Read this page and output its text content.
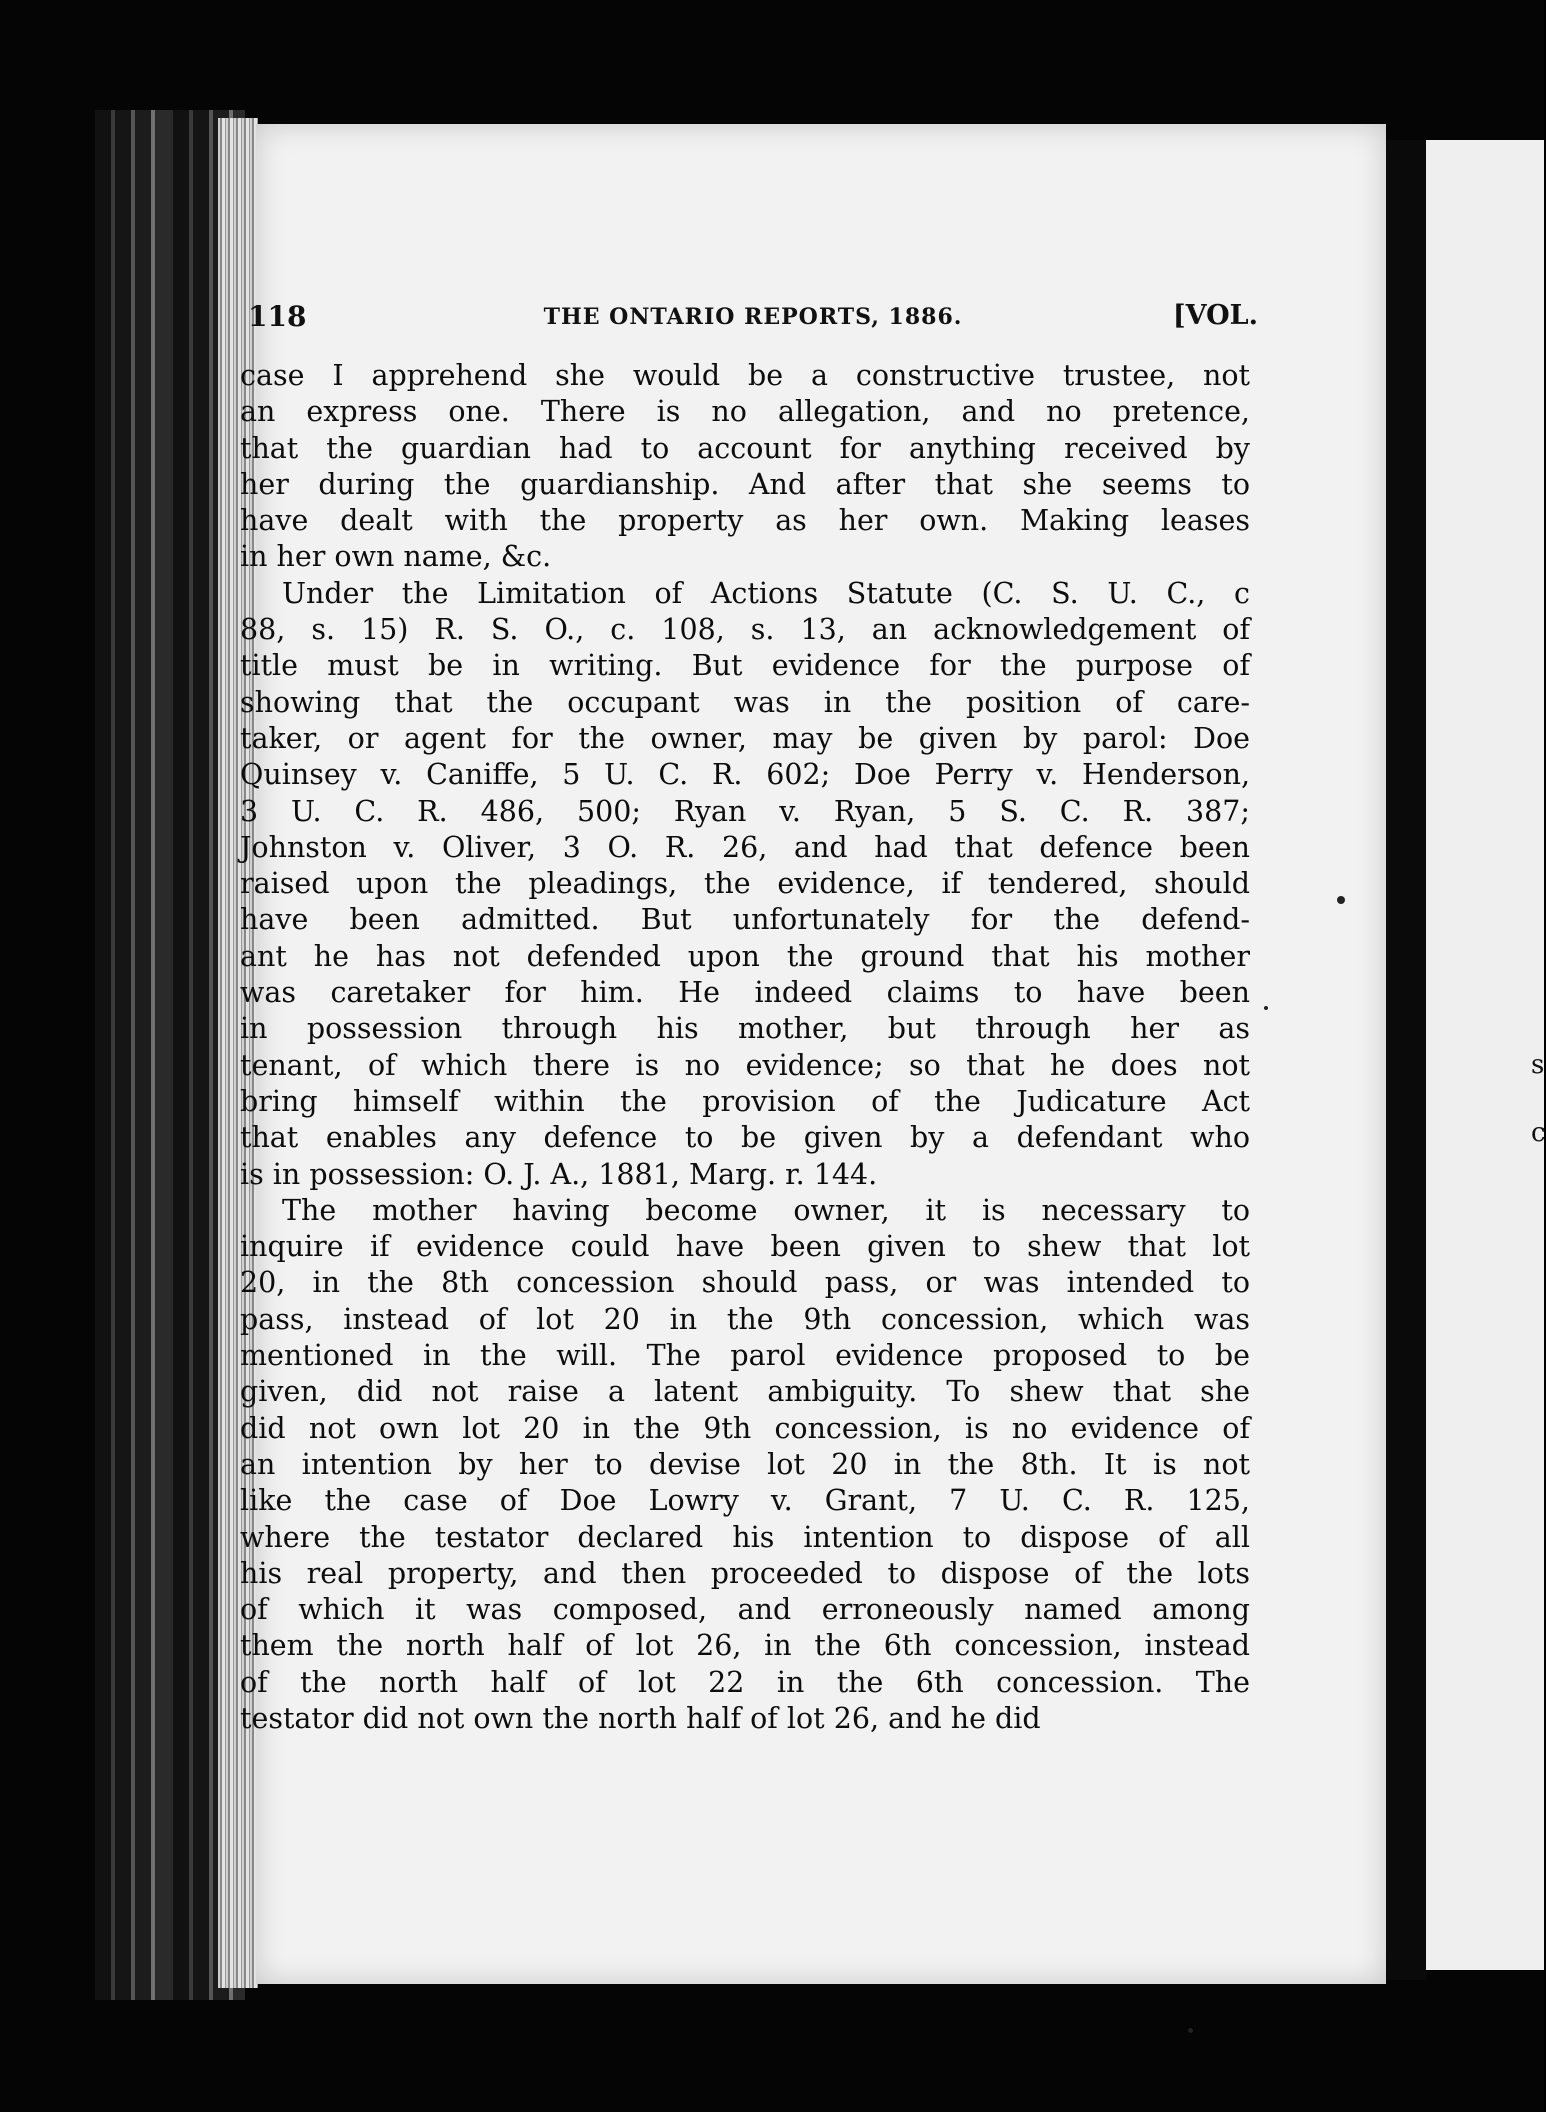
s
c
118	THE ONTARIO REPORTS, 1886.	[VOL.
case I apprehend she would be a constructive trustee, not
an express one. There is no allegation, and no pretence,
that the guardian had to account for anything received by
her during the guardianship. And after that she seems to
have dealt with the property as her own. Making leases
in her own name, &c.
Under the Limitation of Actions Statute (C. S. U. C., c
88, s. 15) R. S. O., c. 108, s. 13, an acknowledgement of
title must be in writing. But evidence for the purpose of
showing that the occupant was in the position of care-
taker, or agent for the owner, may be given by parol: Doe
Quinsey v. Caniffe, 5 U. C. R. 602; Doe Perry v. Henderson,
3 U. C. R. 486, 500; Ryan v. Ryan, 5 S. C. R. 387;
Johnston v. Oliver, 3 O. R. 26, and had that defence been
raised upon the pleadings, the evidence, if tendered, should
have been admitted. But unfortunately for the defend-
ant he has not defended upon the ground that his mother
was caretaker for him. He indeed claims to have been
in possession through his mother, but through her as
tenant, of which there is no evidence; so that he does not
bring himself within the provision of the Judicature Act
that enables any defence to be given by a defendant who
is in possession: O. J. A., 1881, Marg. r. 144.
The mother having become owner, it is necessary to
inquire if evidence could have been given to shew that lot
20, in the 8th concession should pass, or was intended to
pass, instead of lot 20 in the 9th concession, which was
mentioned in the will. The parol evidence proposed to be
given, did not raise a latent ambiguity. To shew that she
did not own lot 20 in the 9th concession, is no evidence of
an intention by her to devise lot 20 in the 8th. It is not
like the case of Doe Lowry v. Grant, 7 U. C. R. 125,
where the testator declared his intention to dispose of all
his real property, and then proceeded to dispose of the lots
of which it was composed, and erroneously named among
them the north half of lot 26, in the 6th concession, instead
of the north half of lot 22 in the 6th concession. The
testator did not own the north half of lot 26, and he did
